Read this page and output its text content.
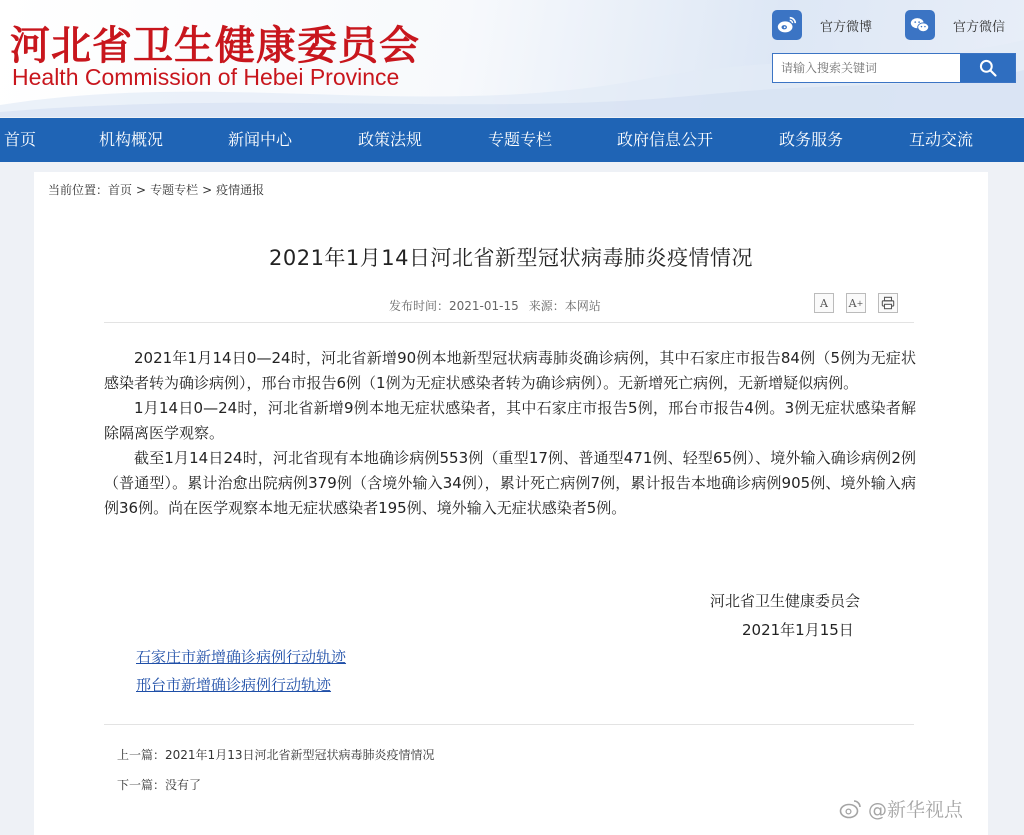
河北省卫生健康委员会
Health Commission of Hebei Province
官方微博	官方微信
请输入搜索关键词
首页	机构概况	新闻中心	政策法规	专题专栏	政府信息公开	政务服务	互动交流
当前位置：首页 > 专题专栏 > 疫情通报
2021年1月14日河北省新型冠状病毒肺炎疫情情况
发布时间：2021-01-15 来源：本网站	A A +

2021年1月14日0—24时，河北省新增90例本地新型冠状病毒肺炎确诊病例，其中石家庄市报告84例（5例为无症状感染者转为确诊病例），邢台市报告6例（1例为无症状感染者转为确诊病例）。无新增死亡病例，无新增疑似病例。

1月14日0—24时，河北省新增9例本地无症状感染者，其中石家庄市报告5例，邢台市报告4例。3例无症状感染者解除隔离医学观察。

截至1月14日24时，河北省现有本地确诊病例553例（重型17例、普通型471例、轻型65例）、境外输入确诊病例2例（普通型）。累计治愈出院病例379例（含境外输入34例），累计死亡病例7例，累计报告本地确诊病例905例、境外输入病例36例。尚在医学观察本地无症状感染者195例、境外输入无症状感染者5例。

河北省卫生健康委员会
2021年1月15日
石家庄市新增确诊病例行动轨迹
邢台市新增确诊病例行动轨迹
上一篇：2021年1月13日河北省新型冠状病毒肺炎疫情情况
下一篇：没有了
@新华视点
